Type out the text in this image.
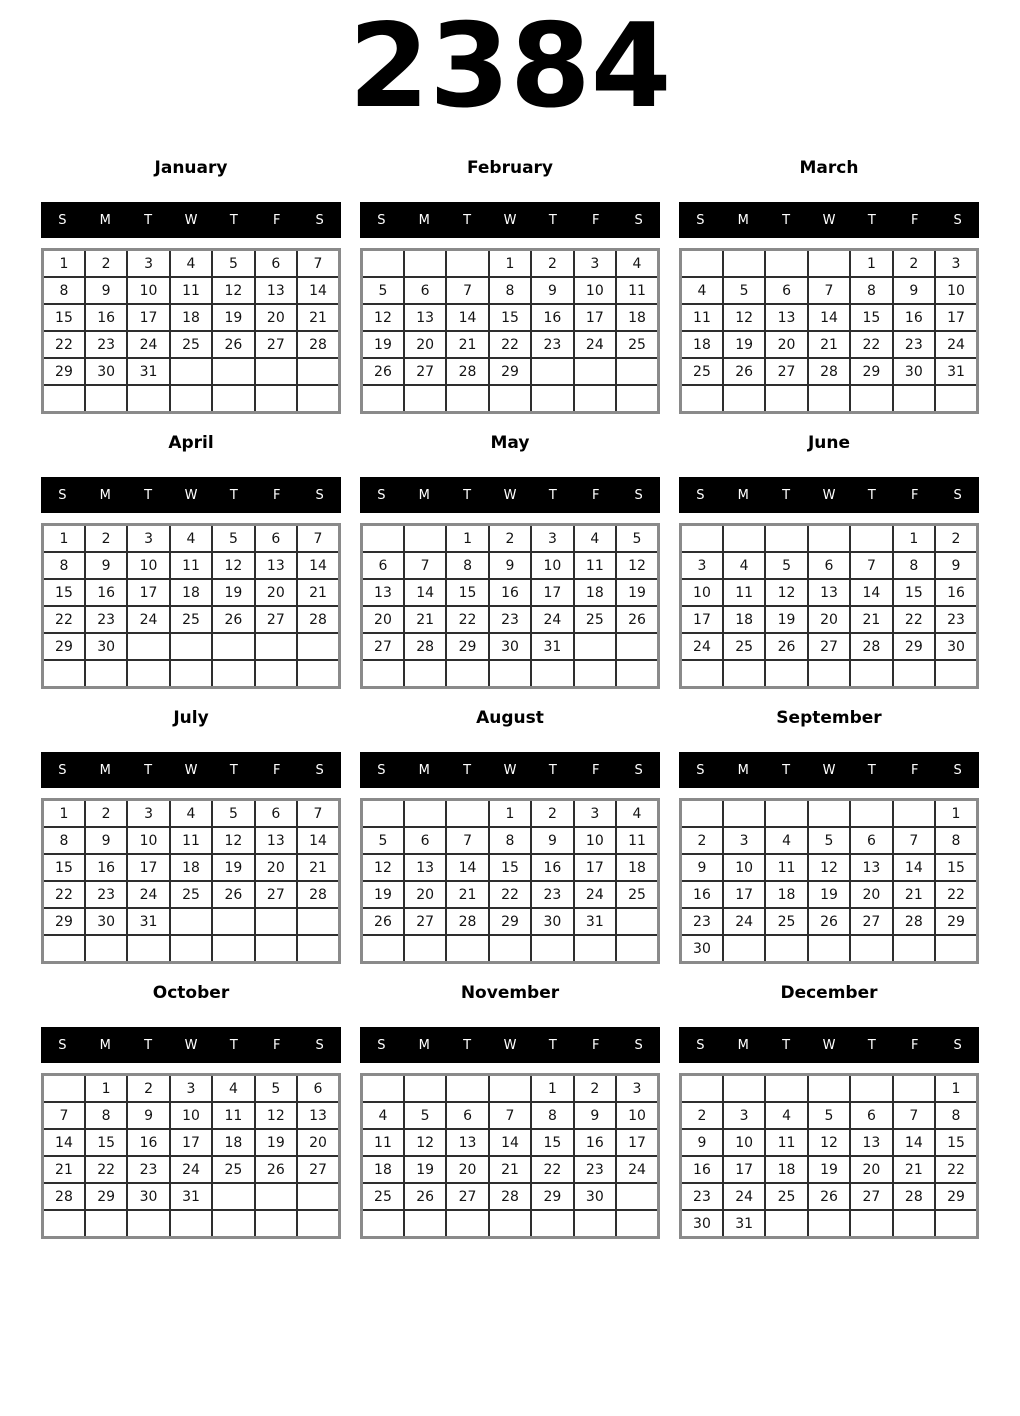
2384
January
S	M	T	W	T	F	S
1	2	3	4	5	6	7
8	9	10	11	12	13	14
15	16	17	18	19	20	21
22	23	24	25	26	27	28
29	30	31				

February
S	M	T	W	T	F	S
			1	2	3	4
5	6	7	8	9	10	11
12	13	14	15	16	17	18
19	20	21	22	23	24	25
26	27	28	29			

March
S	M	T	W	T	F	S
				1	2	3
4	5	6	7	8	9	10
11	12	13	14	15	16	17
18	19	20	21	22	23	24
25	26	27	28	29	30	31

April
S	M	T	W	T	F	S
1	2	3	4	5	6	7
8	9	10	11	12	13	14
15	16	17	18	19	20	21
22	23	24	25	26	27	28
29	30					

May
S	M	T	W	T	F	S
		1	2	3	4	5
6	7	8	9	10	11	12
13	14	15	16	17	18	19
20	21	22	23	24	25	26
27	28	29	30	31		

June
S	M	T	W	T	F	S
					1	2
3	4	5	6	7	8	9
10	11	12	13	14	15	16
17	18	19	20	21	22	23
24	25	26	27	28	29	30

July
S	M	T	W	T	F	S
1	2	3	4	5	6	7
8	9	10	11	12	13	14
15	16	17	18	19	20	21
22	23	24	25	26	27	28
29	30	31				

August
S	M	T	W	T	F	S
			1	2	3	4
5	6	7	8	9	10	11
12	13	14	15	16	17	18
19	20	21	22	23	24	25
26	27	28	29	30	31	

September
S	M	T	W	T	F	S
						1
2	3	4	5	6	7	8
9	10	11	12	13	14	15
16	17	18	19	20	21	22
23	24	25	26	27	28	29
30						
October
S	M	T	W	T	F	S
	1	2	3	4	5	6
7	8	9	10	11	12	13
14	15	16	17	18	19	20
21	22	23	24	25	26	27
28	29	30	31			

November
S	M	T	W	T	F	S
				1	2	3
4	5	6	7	8	9	10
11	12	13	14	15	16	17
18	19	20	21	22	23	24
25	26	27	28	29	30	

December
S	M	T	W	T	F	S
						1
2	3	4	5	6	7	8
9	10	11	12	13	14	15
16	17	18	19	20	21	22
23	24	25	26	27	28	29
30	31					
